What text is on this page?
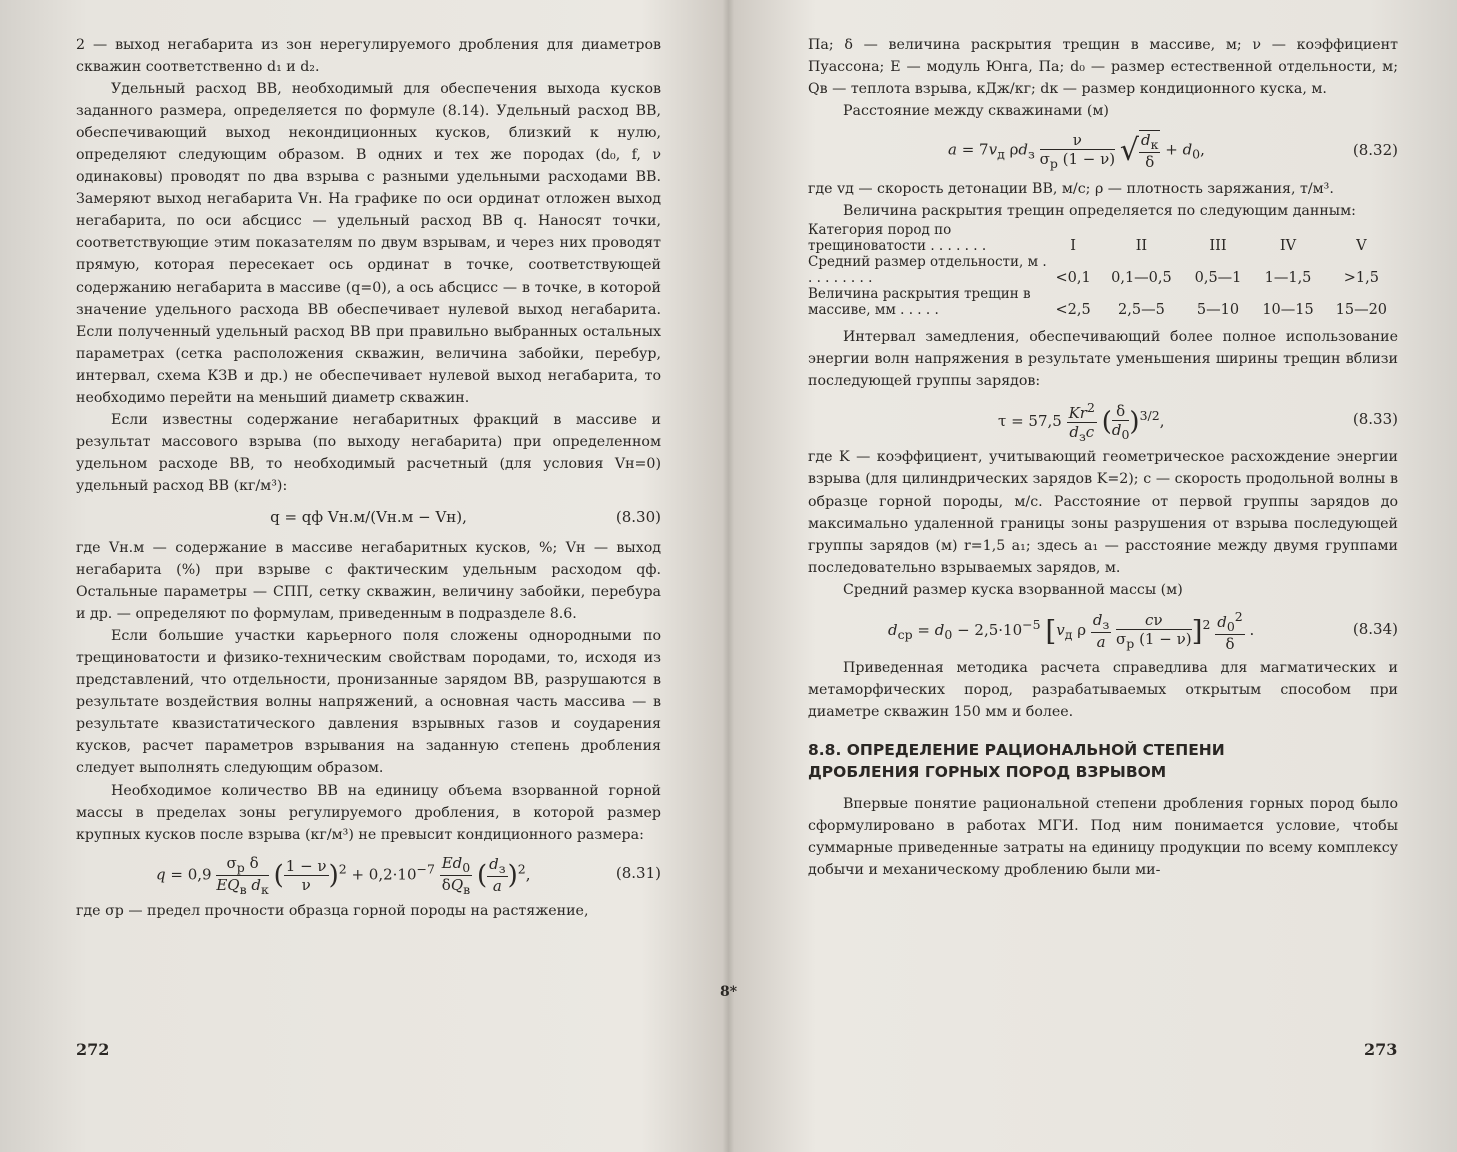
2 — выход негабарита из зон нерегулируемого дробления для диаметров скважин соответственно d₁ и d₂.

Удельный расход ВВ, необходимый для обеспечения выхода кусков заданного размера, определяется по формуле (8.14). Удельный расход ВВ, обеспечивающий выход некондиционных кусков, близкий к нулю, определяют следующим образом. В одних и тех же породах (d₀, f, ν одинаковы) проводят по два взрыва с разными удельными расходами ВВ. Замеряют выход негабарита Vн. На графике по оси ординат отложен выход негабарита, по оси абсцисс — удельный расход ВВ q. Наносят точки, соответствующие этим показателям по двум взрывам, и через них проводят прямую, которая пересекает ось ординат в точке, соответствующей содержанию негабарита в массиве (q=0), а ось абсцисс — в точке, в которой значение удельного расхода ВВ обеспечивает нулевой выход негабарита. Если полученный удельный расход ВВ при правильно выбранных остальных параметрах (сетка расположения скважин, величина забойки, перебур, интервал, схема КЗВ и др.) не обеспечивает нулевой выход негабарита, то необходимо перейти на меньший диаметр скважин.

Если известны содержание негабаритных фракций в массиве и результат массового взрыва (по выходу негабарита) при определенном удельном расходе ВВ, то необходимый расчетный (для условия Vн=0) удельный расход ВВ (кг/м³):

q = qф Vн.м/(Vн.м − Vн),	(8.30)

где Vн.м — содержание в массиве негабаритных кусков, %; Vн — выход негабарита (%) при взрыве с фактическим удельным расходом qф. Остальные параметры — СПП, сетку скважин, величину забойки, перебура и др. — определяют по формулам, приведенным в подразделе 8.6.

Если большие участки карьерного поля сложены однородными по трещиноватости и физико-техническим свойствам породами, то, исходя из представлений, что отдельности, пронизанные зарядом ВВ, разрушаются в результате воздействия волны напряжений, а основная часть массива — в результате квазистатического давления взрывных газов и соударения кусков, расчет параметров взрывания на заданную степень дробления следует выполнять следующим образом.

Необходимое количество ВВ на единицу объема взорванной горной массы в пределах зоны регулируемого дробления, в которой размер крупных кусков после взрыва (кг/м³) не превысит кондиционного размера:

$q = 0,9 \frac{\sigma_р \delta}{EQ_в d_к}$ ( $\frac{1 - \nu}{\nu} )^2 + 0,2\cdot 10^{-7} \frac{Ed_0}{\delta Q_в}$ ( $\frac{d_з}{a} )^2$,	(8.31)

где σр — предел прочности образца горной породы на растяжение,

272
8*

Па; δ — величина раскрытия трещин в массиве, м; ν — коэффициент Пуассона; E — модуль Юнга, Па; d₀ — размер естественной отдельности, м; Qв — теплота взрыва, кДж/кг; dк — размер кондиционного куска, м.

Расстояние между скважинами (м)

$a = 7v_д$ $\rho d_з \frac{\nu}{\sigma_р (1 - \nu)}$ √ $\frac{d_к}{\delta} + d_0$,	(8.32)

где vд — скорость детонации ВВ, м/с; ρ — плотность заряжания, т/м³.

Величина раскрытия трещин определяется по следующим данным:

Категория пород по трещиноватости . . . . . . .	I	II	III	IV	V
Средний размер отдельности, м . . . . . . . . .	<0,1	0,1—0,5	0,5—1	1—1,5	>1,5
Величина раскрытия трещин в массиве, мм . . . . .	<2,5	2,5—5	5—10	10—15	15—20

Интервал замедления, обеспечивающий более полное использование энергии волн напряжения в результате уменьшения ширины трещин вблизи последующей группы зарядов:

$\tau = 57,5 \frac{Kr^2}{d_зc}$ ( $\frac{\delta}{d_0} )^{3/2}$,	(8.33)

где K — коэффициент, учитывающий геометрическое расхождение энергии взрыва (для цилиндрических зарядов K=2); c — скорость продольной волны в образце горной породы, м/с. Расстояние от первой группы зарядов до максимально удаленной границы зоны разрушения от взрыва последующей группы зарядов (м) r=1,5 a₁; здесь a₁ — расстояние между двумя группами последовательно взрываемых зарядов, м.

Средний размер куска взорванной массы (м)

$d_{ср} = d_0 - 2,5\cdot 10^{-5}$ [$v_д$ ρ $\frac{d_з}{a}$
$\frac{c\nu}{\sigma_р (1 - \nu)} ]^2 \frac{d_0^2}{\delta}$ .	(8.34)

Приведенная методика расчета справедлива для магматических и метаморфических пород, разрабатываемых открытым способом при диаметре скважин 150 мм и более.

8.8. ОПРЕДЕЛЕНИЕ РАЦИОНАЛЬНОЙ СТЕПЕНИ
ДРОБЛЕНИЯ ГОРНЫХ ПОРОД ВЗРЫВОМ

Впервые понятие рациональной степени дробления горных пород было сформулировано в работах МГИ. Под ним понимается условие, чтобы суммарные приведенные затраты на единицу продукции по всему комплексу добычи и механическому дроблению были ми-

273
